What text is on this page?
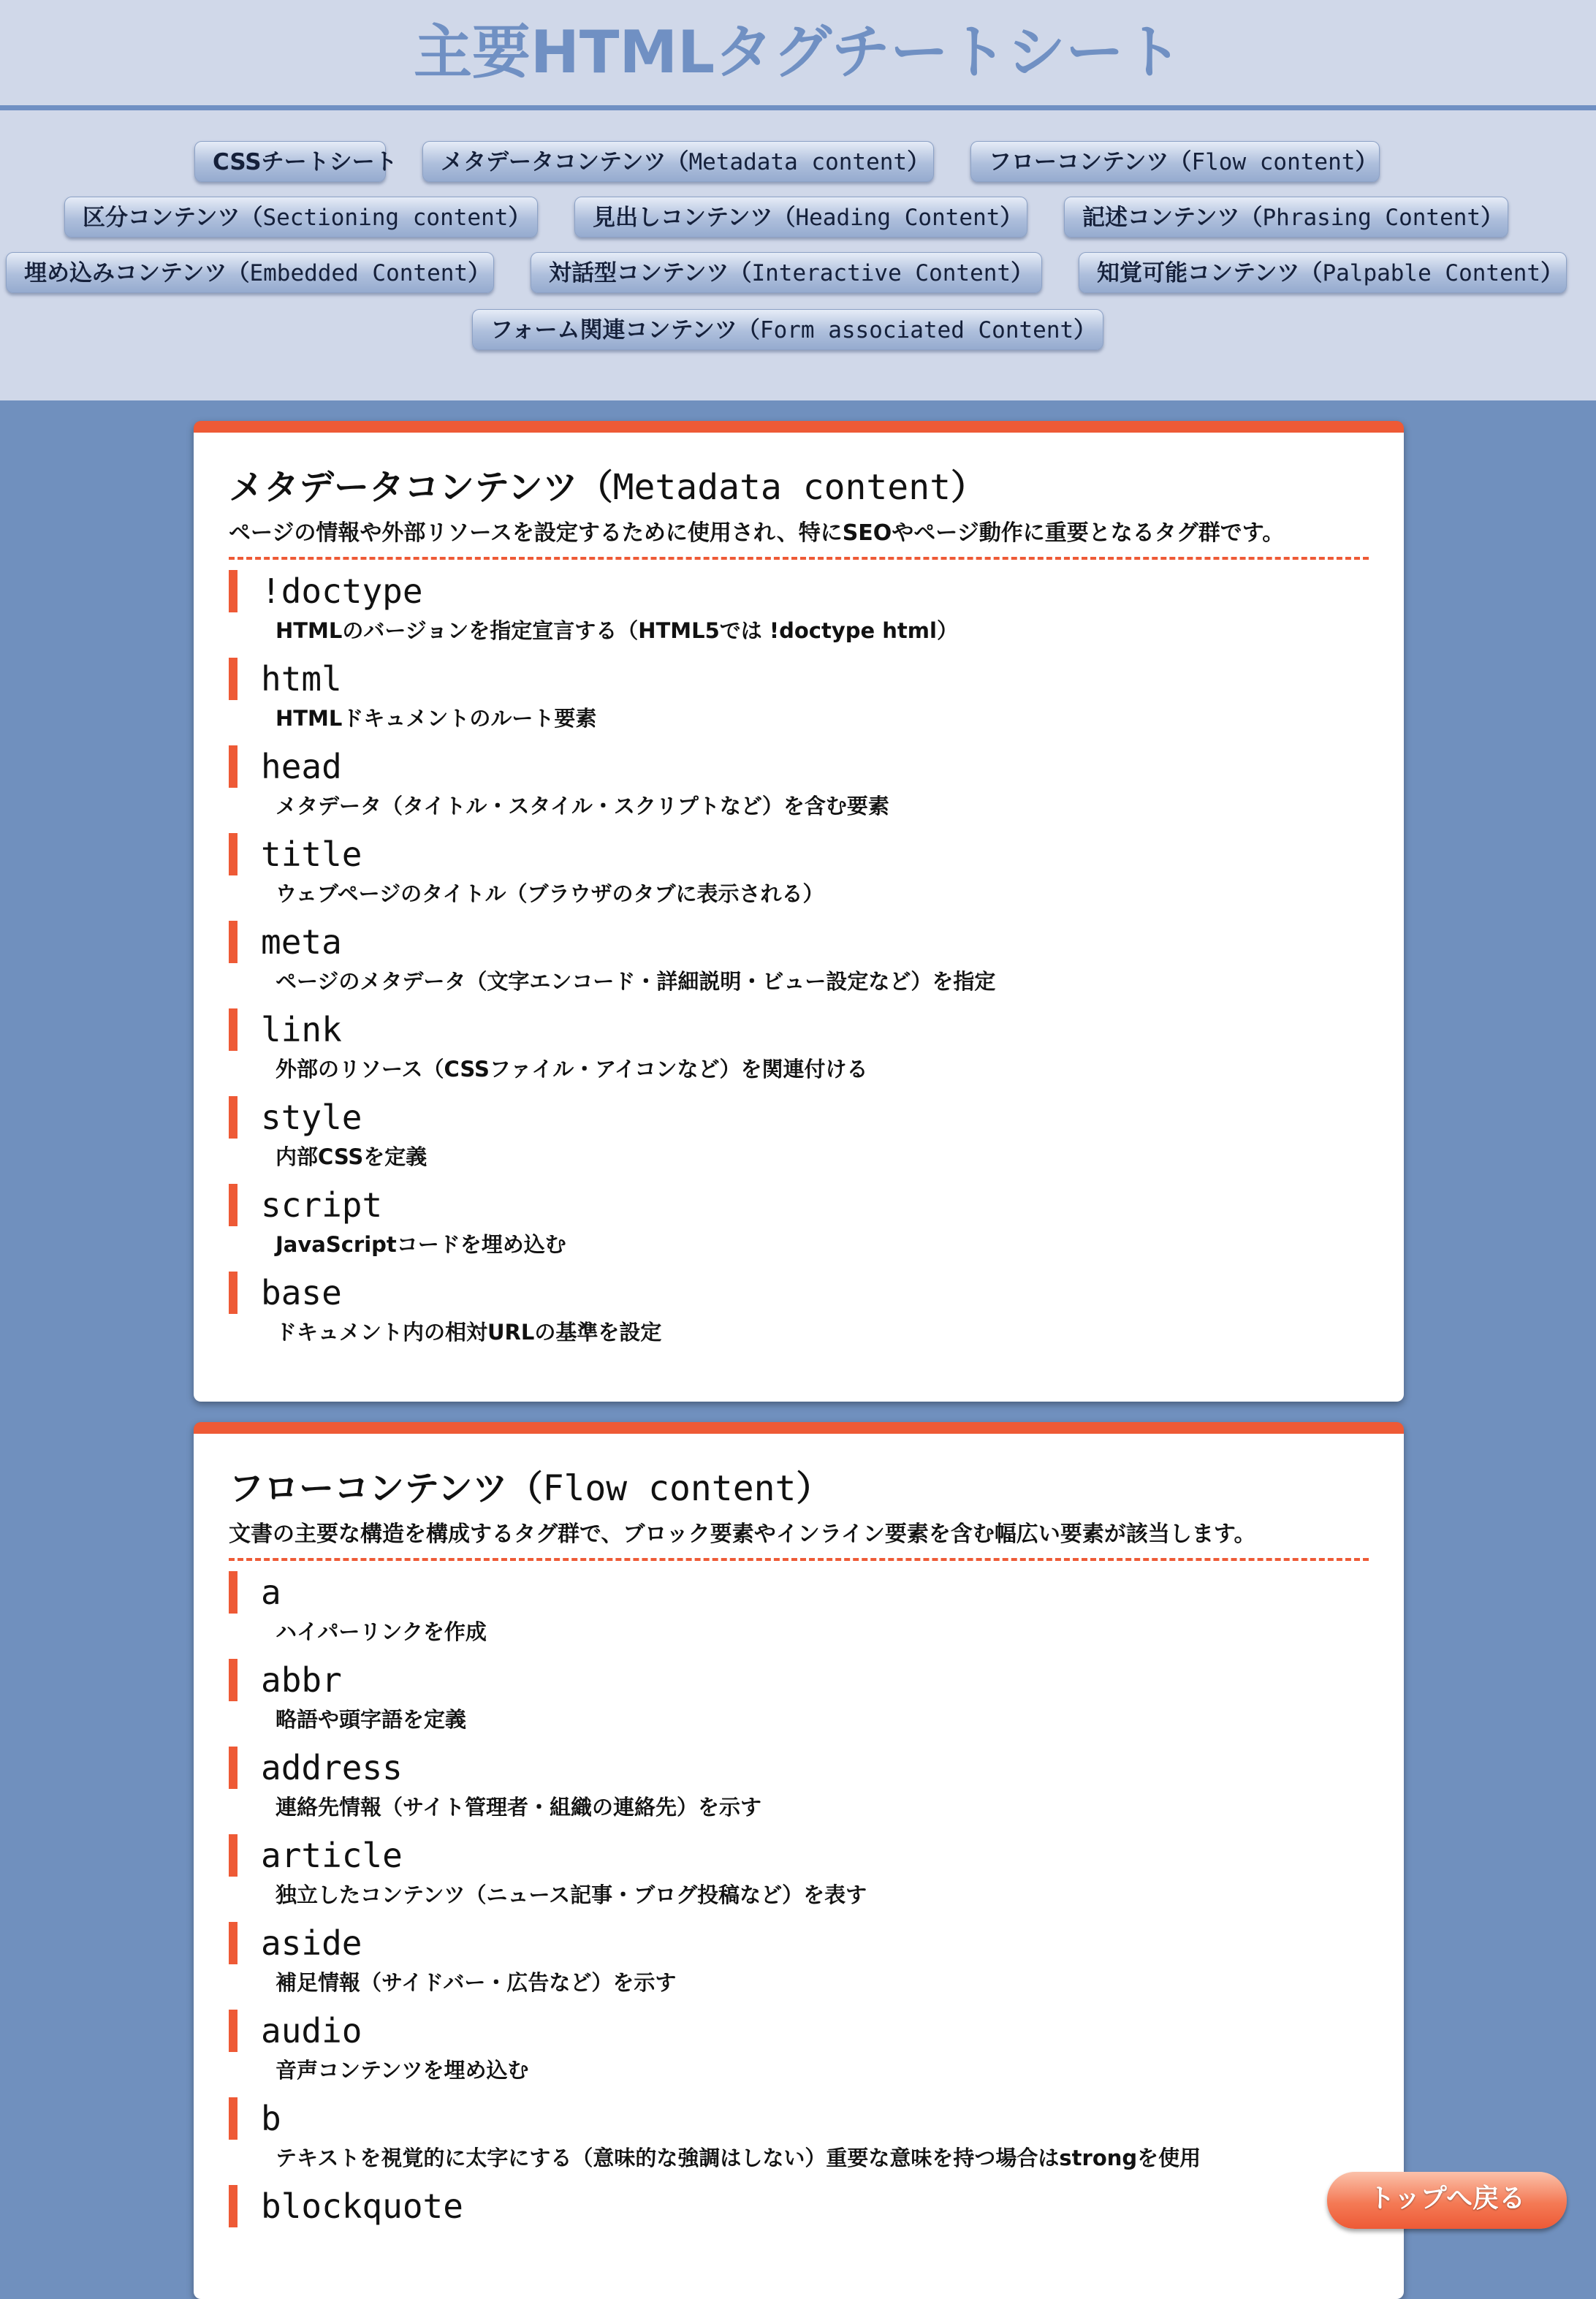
主要HTMLタグチートシート
CSSチートシート	メタデータコンテンツ（Metadata content）	フローコンテンツ（Flow content）
区分コンテンツ（Sectioning content）	見出しコンテンツ（Heading Content）	記述コンテンツ（Phrasing Content）
埋め込みコンテンツ（Embedded Content）	対話型コンテンツ（Interactive Content）	知覚可能コンテンツ（Palpable Content）
フォーム関連コンテンツ（Form associated Content）
メタデータコンテンツ（Metadata content）

ページの情報や外部リソースを設定するために使用され、特にSEOやページ動作に重要となるタグ群です。

!doctype
HTMLのバージョンを指定宣言する（HTML5では !doctype html）
html
HTMLドキュメントのルート要素
head
メタデータ（タイトル・スタイル・スクリプトなど）を含む要素
title
ウェブページのタイトル（ブラウザのタブに表示される）
meta
ページのメタデータ（文字エンコード・詳細説明・ビュー設定など）を指定
link
外部のリソース（CSSファイル・アイコンなど）を関連付ける
style
内部CSSを定義
script
JavaScriptコードを埋め込む
base
ドキュメント内の相対URLの基準を設定
フローコンテンツ（Flow content）

文書の主要な構造を構成するタグ群で、ブロック要素やインライン要素を含む幅広い要素が該当します。

a
ハイパーリンクを作成
abbr
略語や頭字語を定義
address
連絡先情報（サイト管理者・組織の連絡先）を示す
article
独立したコンテンツ（ニュース記事・ブログ投稿など）を表す
aside
補足情報（サイドバー・広告など）を示す
audio
音声コンテンツを埋め込む
b
テキストを視覚的に太字にする（意味的な強調はしない）重要な意味を持つ場合はstrongを使用
blockquote	トップへ戻る
